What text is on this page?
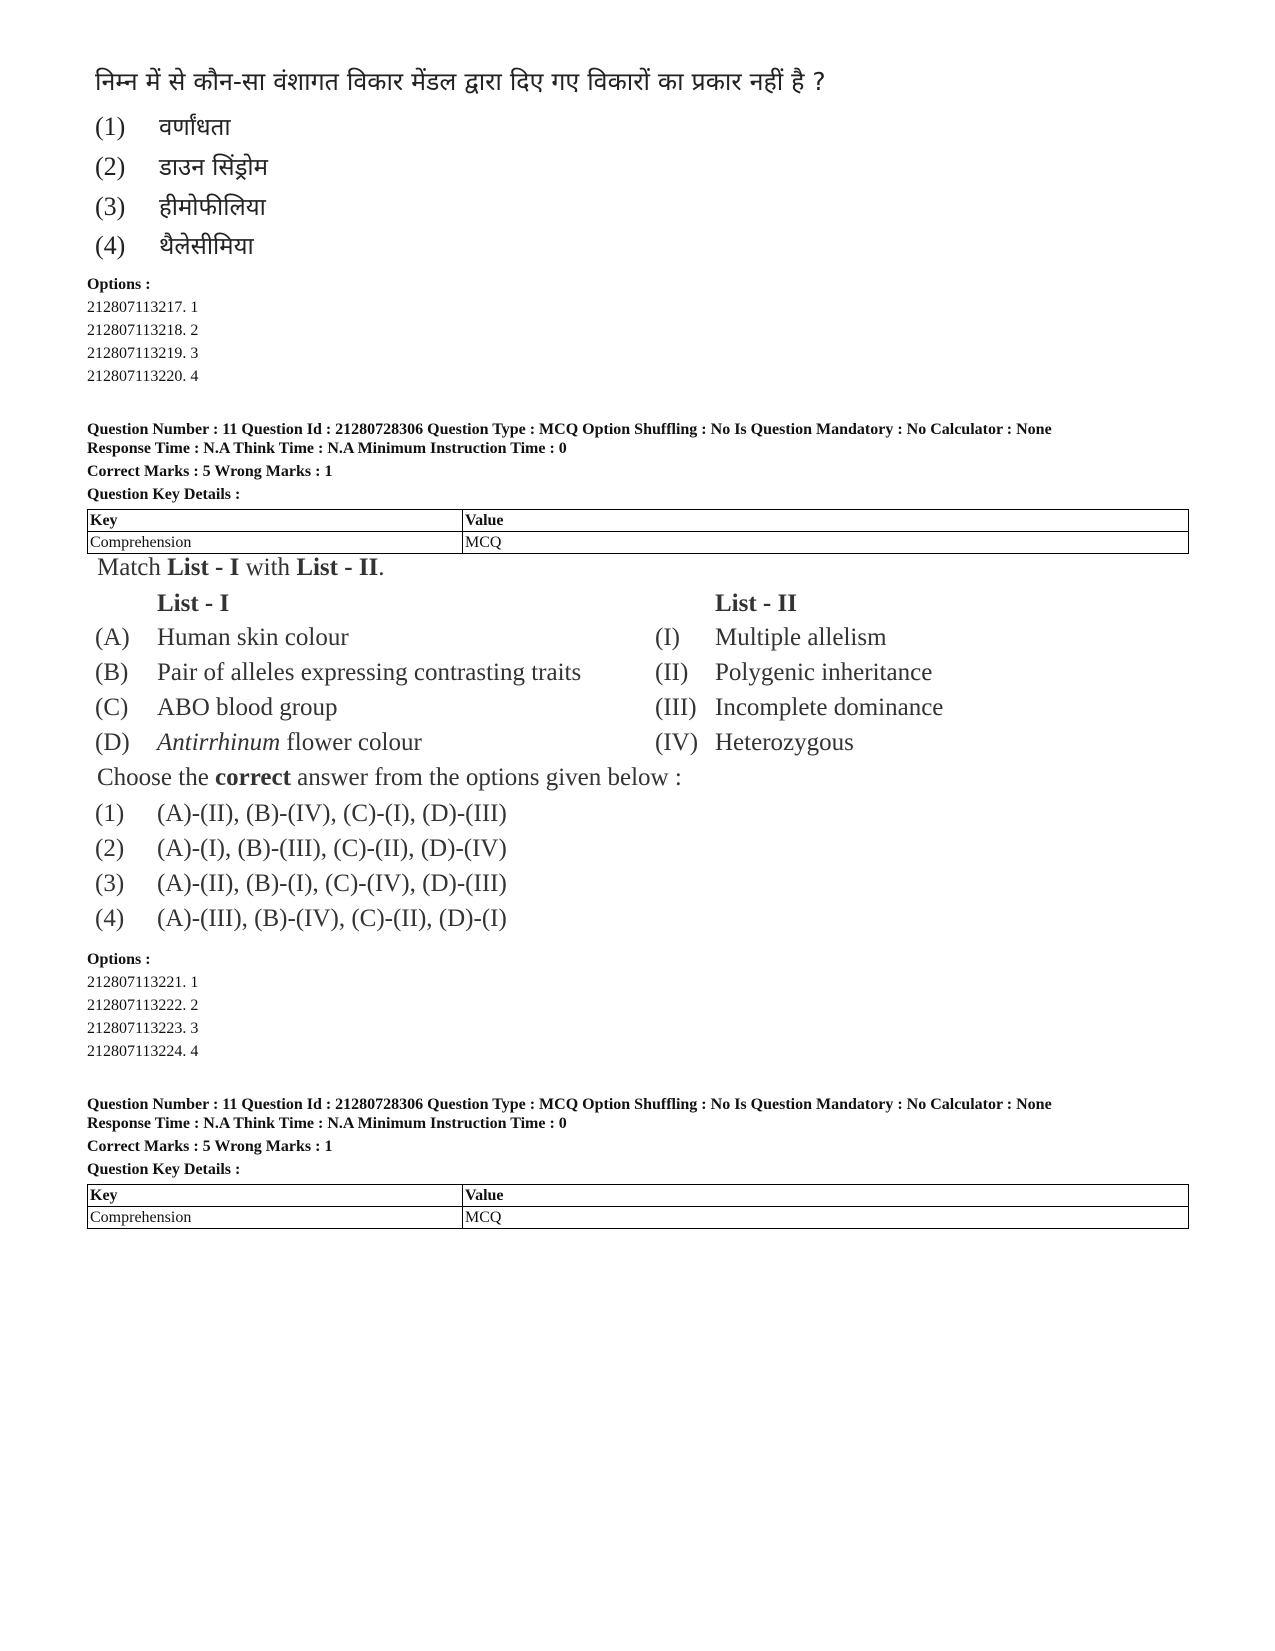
निम्न में से कौन-सा वंशागत विकार मेंडल द्वारा दिए गए विकारों का प्रकार नहीं है ?
(1) वर्णांधता
(2) डाउन सिंड्रोम
(3) हीमोफीलिया
(4) थैलेसीमिया
Options :
212807113217. 1
212807113218. 2
212807113219. 3
212807113220. 4
Question Number : 11 Question Id : 21280728306 Question Type : MCQ Option Shuffling : No Is Question Mandatory : No Calculator : None
Response Time : N.A Think Time : N.A Minimum Instruction Time : 0
Correct Marks : 5 Wrong Marks : 1
Question Key Details :
Key	Value
Comprehension	MCQ
Match List - I with List - II.
List - I	List - II
(A) Human skin colour	(I) Multiple allelism
(B) Pair of alleles expressing contrasting traits	(II) Polygenic inheritance
(C) ABO blood group	(III) Incomplete dominance
(D) Antirrhinum flower colour	(IV) Heterozygous
Choose the correct answer from the options given below :
(1) (A)-(II), (B)-(IV), (C)-(I), (D)-(III)
(2) (A)-(I), (B)-(III), (C)-(II), (D)-(IV)
(3) (A)-(II), (B)-(I), (C)-(IV), (D)-(III)
(4) (A)-(III), (B)-(IV), (C)-(II), (D)-(I)
Options :
212807113221. 1
212807113222. 2
212807113223. 3
212807113224. 4
Question Number : 11 Question Id : 21280728306 Question Type : MCQ Option Shuffling : No Is Question Mandatory : No Calculator : None
Response Time : N.A Think Time : N.A Minimum Instruction Time : 0
Correct Marks : 5 Wrong Marks : 1
Question Key Details :
Key	Value
Comprehension	MCQ
